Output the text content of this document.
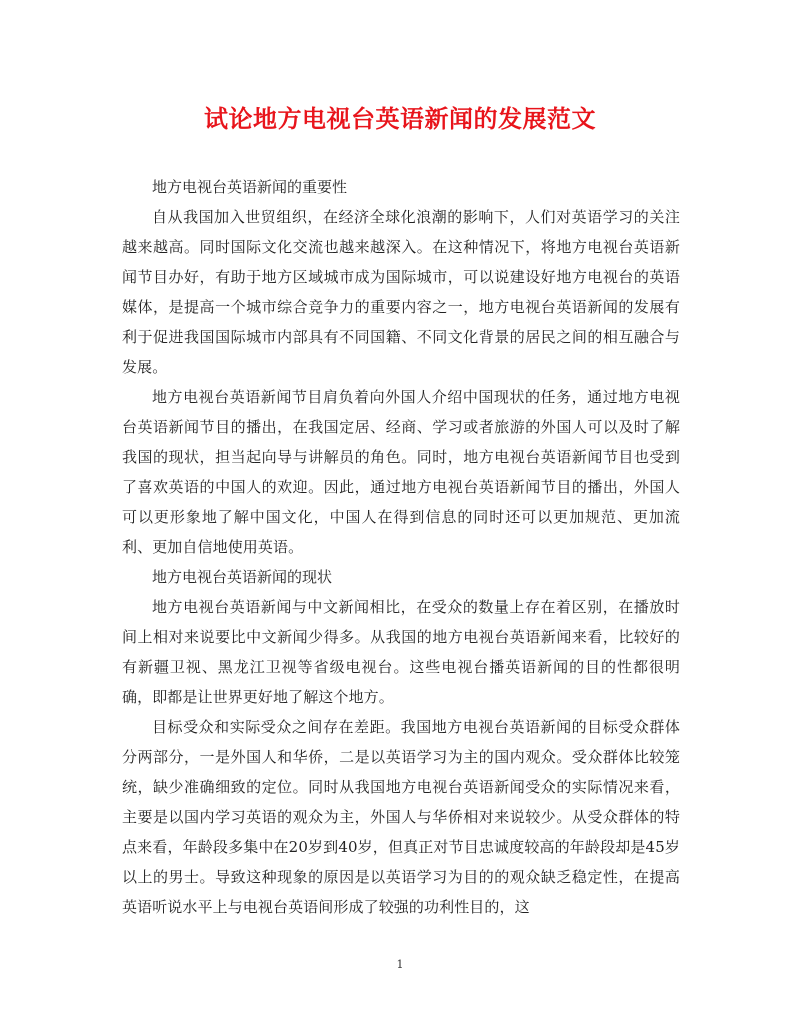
试论地方电视台英语新闻的发展范文

地方电视台英语新闻的重要性

自从我国加入世贸组织，在经济全球化浪潮的影响下，人们对英语学习的关注越来越高。同时国际文化交流也越来越深入。在这种情况下，将地方电视台英语新闻节目办好，有助于地方区域城市成为国际城市，可以说建设好地方电视台的英语媒体，是提高一个城市综合竞争力的重要内容之一，地方电视台英语新闻的发展有利于促进我国国际城市内部具有不同国籍、不同文化背景的居民之间的相互融合与发展。

地方电视台英语新闻节目肩负着向外国人介绍中国现状的任务，通过地方电视台英语新闻节目的播出，在我国定居、经商、学习或者旅游的外国人可以及时了解我国的现状，担当起向导与讲解员的角色。同时，地方电视台英语新闻节目也受到了喜欢英语的中国人的欢迎。因此，通过地方电视台英语新闻节目的播出，外国人可以更形象地了解中国文化，中国人在得到信息的同时还可以更加规范、更加流利、更加自信地使用英语。

地方电视台英语新闻的现状

地方电视台英语新闻与中文新闻相比，在受众的数量上存在着区别，在播放时间上相对来说要比中文新闻少得多。从我国的地方电视台英语新闻来看，比较好的有新疆卫视、黑龙江卫视等省级电视台。这些电视台播英语新闻的目的性都很明确，即都是让世界更好地了解这个地方。

目标受众和实际受众之间存在差距。我国地方电视台英语新闻的目标受众群体分两部分，一是外国人和华侨，二是以英语学习为主的国内观众。受众群体比较笼统，缺少准确细致的定位。同时从我国地方电视台英语新闻受众的实际情况来看，主要是以国内学习英语的观众为主，外国人与华侨相对来说较少。从受众群体的特点来看，年龄段多集中在20岁到40岁，但真正对节目忠诚度较高的年龄段却是45岁以上的男士。导致这种现象的原因是以英语学习为目的的观众缺乏稳定性，在提高英语听说水平上与电视台英语间形成了较强的功利性目的，这

1
